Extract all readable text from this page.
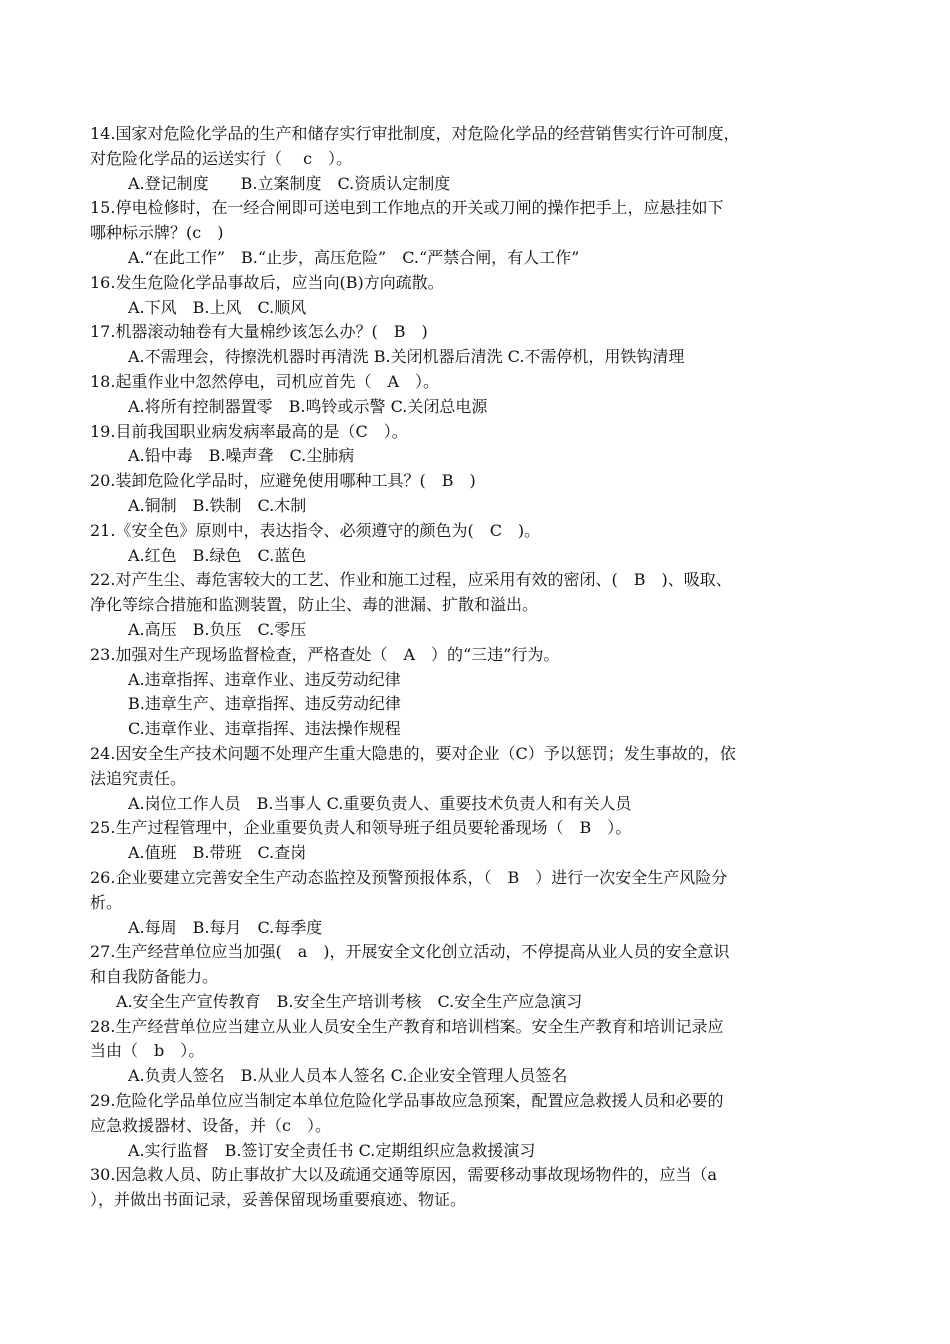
14.国家对危险化学品的生产和储存实行审批制度，对危险化学品的经营销售实行许可制度，
对危险化学品的运送实行（　 c　）。
A.登记制度　　B.立案制度　C.资质认定制度
15.停电检修时，在一经合闸即可送电到工作地点的开关或刀闸的操作把手上，应悬挂如下
哪种标示牌？(c　)
A.“在此工作”　B.“止步，高压危险”　C.“严禁合闸，有人工作”
16.发生危险化学品事故后，应当向(B)方向疏散。
A.下风　B.上风　C.顺风
17.机器滚动轴卷有大量棉纱该怎么办？(　B　)
A.不需理会，待擦洗机器时再清洗 B.关闭机器后清洗 C.不需停机，用铁钩清理
18.起重作业中忽然停电，司机应首先（　A　）。
A.将所有控制器置零　B.鸣铃或示警 C.关闭总电源
19.目前我国职业病发病率最高的是（C　）。
A.铅中毒　B.噪声聋　C.尘肺病
20.装卸危险化学品时，应避免使用哪种工具？(　B　)
A.铜制　B.铁制　C.木制
21.《安全色》原则中，表达指令、必须遵守的颜色为(　C　)。
A.红色　B.绿色　C.蓝色
22.对产生尘、毒危害较大的工艺、作业和施工过程，应采用有效的密闭、(　B　)、吸取、
净化等综合措施和监测装置，防止尘、毒的泄漏、扩散和溢出。
A.高压　B.负压　C.零压
23.加强对生产现场监督检查，严格查处（　A　）的“三违”行为。
A.违章指挥、违章作业、违反劳动纪律
B.违章生产、违章指挥、违反劳动纪律
C.违章作业、违章指挥、违法操作规程
24.因安全生产技术问题不处理产生重大隐患的，要对企业（C）予以惩罚；发生事故的，依
法追究责任。
A.岗位工作人员　B.当事人 C.重要负责人、重要技术负责人和有关人员
25.生产过程管理中，企业重要负责人和领导班子组员要轮番现场（　B　）。
A.值班　B.带班　C.查岗
26.企业要建立完善安全生产动态监控及预警预报体系，（　B　）进行一次安全生产风险分
析。
A.每周　B.每月　C.每季度
27.生产经营单位应当加强(　a　)，开展安全文化创立活动，不停提高从业人员的安全意识
和自我防备能力。
A.安全生产宣传教育　B.安全生产培训考核　C.安全生产应急演习
28.生产经营单位应当建立从业人员安全生产教育和培训档案。安全生产教育和培训记录应
当由（　b　）。
A.负责人签名　B.从业人员本人签名 C.企业安全管理人员签名
29.危险化学品单位应当制定本单位危险化学品事故应急预案，配置应急救援人员和必要的
应急救援器材、设备，并（c　）。
A.实行监督　B.签订安全责任书 C.定期组织应急救援演习
30.因急救人员、防止事故扩大以及疏通交通等原因，需要移动事故现场物件的，应当（a
），并做出书面记录，妥善保留现场重要痕迹、物证。
